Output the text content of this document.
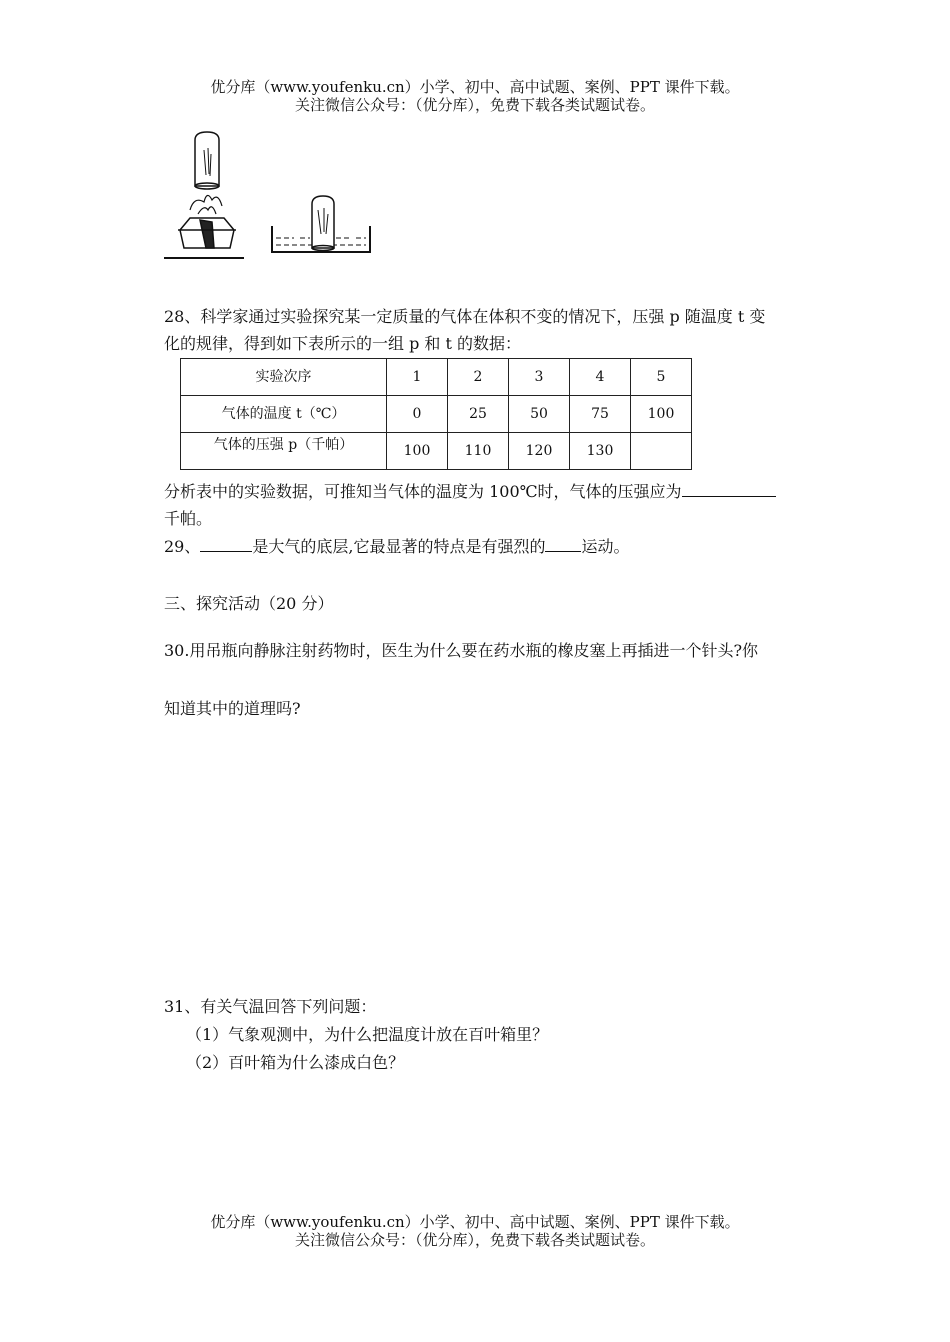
优分库（www.youfenku.cn）小学、初中、高中试题、案例、PPT 课件下载。
关注微信公众号：（优分库），免费下载各类试题试卷。
28、科学家通过实验探究某一定质量的气体在体积不变的情况下，压强 p 随温度 t 变
化的规律，得到如下表所示的一组 p 和 t 的数据：
实验次序	1	2	3	4	5
气体的温度 t（℃）	0	25	50	75	100
气体的压强 p（千帕）	100	110	120	130	
分析表中的实验数据，可推知当气体的温度为 100℃时，气体的压强应为
千帕。
29、	是大气的底层,它最显著的特点是有强烈的 运动。
三、探究活动（20 分）
30.用吊瓶向静脉注射药物时，医生为什么要在药水瓶的橡皮塞上再插进一个针头?你
知道其中的道理吗?
31、有关气温回答下列问题：
（1）气象观测中，为什么把温度计放在百叶箱里？
（2）百叶箱为什么漆成白色？
优分库（www.youfenku.cn）小学、初中、高中试题、案例、PPT 课件下载。
关注微信公众号：（优分库），免费下载各类试题试卷。
